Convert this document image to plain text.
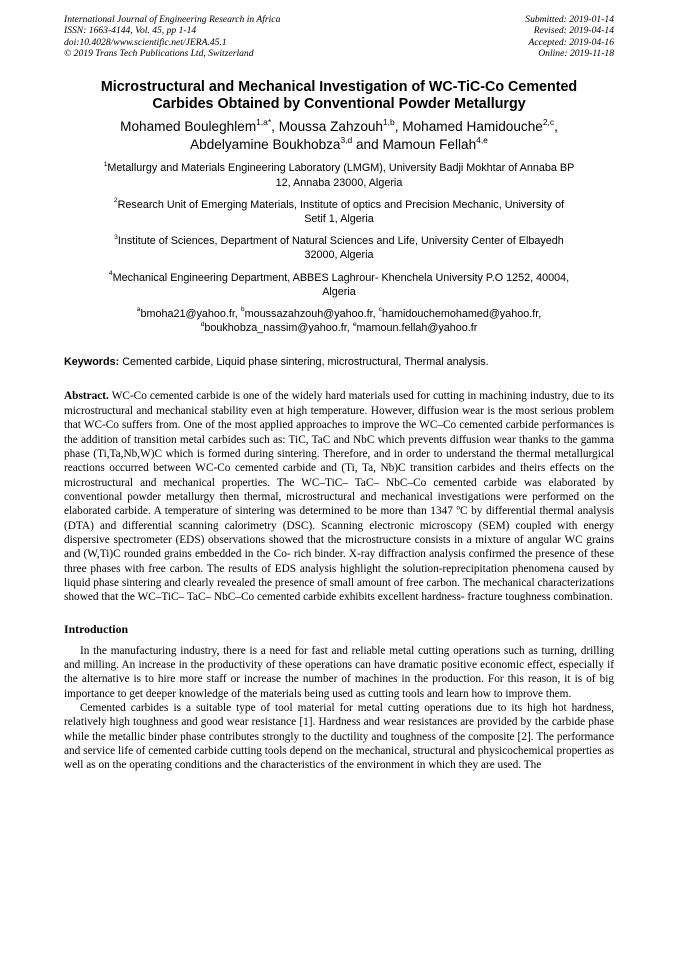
International Journal of Engineering Research in Africa
ISSN: 1663-4144, Vol. 45, pp 1-14
doi:10.4028/www.scientific.net/JERA.45.1
© 2019 Trans Tech Publications Ltd, Switzerland
Submitted: 2019-01-14
Revised: 2019-04-14
Accepted: 2019-04-16
Online: 2019-11-18
Microstructural and Mechanical Investigation of WC-TiC-Co Cemented
Carbides Obtained by Conventional Powder Metallurgy
Mohamed Bouleghlem$^{1,a*}$, Moussa Zahzouh$^{1,b}$, Mohamed Hamidouche$^{2,c}$,
Abdelyamine Boukhobza$^{3,d}$ and Mamoun Fellah$^{4,e}$
$^1$Metallurgy and Materials Engineering Laboratory (LMGM), University Badji Mokhtar of Annaba BP
12, Annaba 23000, Algeria
$^2$Research Unit of Emerging Materials, Institute of optics and Precision Mechanic, University of
Setif 1, Algeria
$^3$Institute of Sciences, Department of Natural Sciences and Life, University Center of Elbayedh
32000, Algeria
$^4$Mechanical Engineering Department, ABBES Laghrour- Khenchela University P.O 1252, 40004,
Algeria
$^a$bmoha21@yahoo.fr, $^b$moussazahzouh@yahoo.fr, $^c$hamidouchemohamed@yahoo.fr,
$^d$boukhobza_nassim@yahoo.fr, $^e$mamoun.fellah@yahoo.fr
Keywords: Cemented carbide, Liquid phase sintering, microstructural, Thermal analysis.
Abstract. WC-Co cemented carbide is one of the widely hard materials used for cutting in machining industry, due to its microstructural and mechanical stability even at high temperature. However, diffusion wear is the most serious problem that WC-Co suffers from. One of the most applied approaches to improve the WC–Co cemented carbide performances is the addition of transition metal carbides such as: TiC, TaC and NbC which prevents diffusion wear thanks to the gamma phase (Ti,Ta,Nb,W)C which is formed during sintering. Therefore, and in order to understand the thermal metallurgical reactions occurred between WC-Co cemented carbide and (Ti, Ta, Nb)C transition carbides and theirs effects on the microstructural and mechanical properties. The WC–TiC– TaC– NbC–Co cemented carbide was elaborated by conventional powder metallurgy then thermal, microstructural and mechanical investigations were performed on the elaborated carbide. A temperature of sintering was determined to be more than 1347 ºC by differential thermal analysis (DTA) and differential scanning calorimetry (DSC). Scanning electronic microscopy (SEM) coupled with energy dispersive spectrometer (EDS) observations showed that the microstructure consists in a mixture of angular WC grains and (W,Ti)C rounded grains embedded in the Co- rich binder. X-ray diffraction analysis confirmed the presence of these three phases with free carbon. The results of EDS analysis highlight the solution-reprecipitation phenomena caused by liquid phase sintering and clearly revealed the presence of small amount of free carbon. The mechanical characterizations showed that the WC–TiC– TaC– NbC–Co cemented carbide exhibits excellent hardness- fracture toughness combination.
Introduction
In the manufacturing industry, there is a need for fast and reliable metal cutting operations such as turning, drilling and milling. An increase in the productivity of these operations can have dramatic positive economic effect, especially if the alternative is to hire more staff or increase the number of machines in the production. For this reason, it is of big importance to get deeper knowledge of the materials being used as cutting tools and learn how to improve them.
Cemented carbides is a suitable type of tool material for metal cutting operations due to its high hot hardness, relatively high toughness and good wear resistance [1]. Hardness and wear resistances are provided by the carbide phase while the metallic binder phase contributes strongly to the ductility and toughness of the composite [2]. The performance and service life of cemented carbide cutting tools depend on the mechanical, structural and physicochemical properties as well as on the operating conditions and the characteristics of the environment in which they are used. The
